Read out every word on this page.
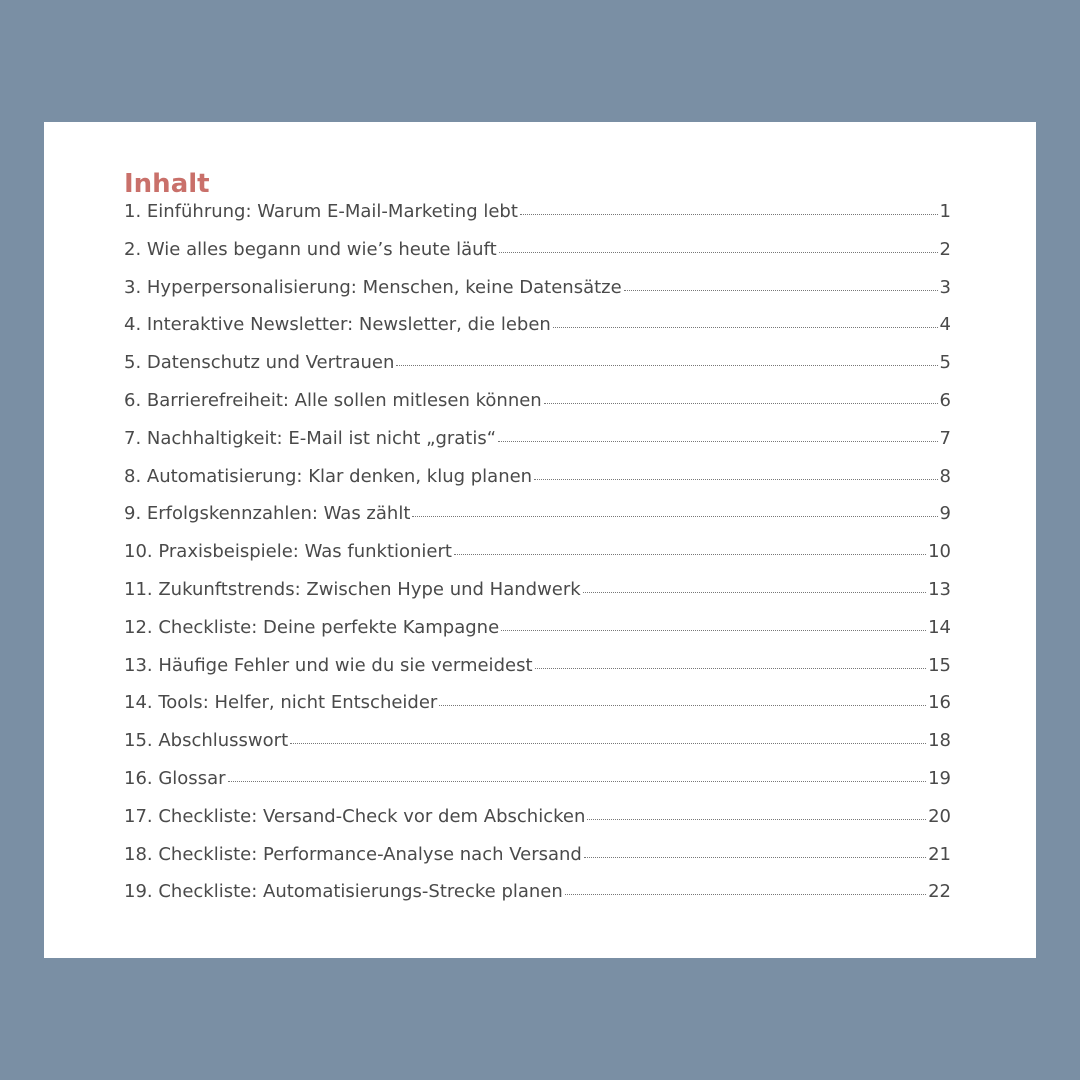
Inhalt
1. Einführung: Warum E-Mail-Marketing lebt	1
2. Wie alles begann und wie’s heute läuft	2
3. Hyperpersonalisierung: Menschen, keine Datensätze	3
4. Interaktive Newsletter: Newsletter, die leben	4
5. Datenschutz und Vertrauen	5
6. Barrierefreiheit: Alle sollen mitlesen können	6
7. Nachhaltigkeit: E-Mail ist nicht „gratis“	7
8. Automatisierung: Klar denken, klug planen	8
9. Erfolgskennzahlen: Was zählt	9
10. Praxisbeispiele: Was funktioniert	10
11. Zukunftstrends: Zwischen Hype und Handwerk	13
12. Checkliste: Deine perfekte Kampagne	14
13. Häufige Fehler und wie du sie vermeidest	15
14. Tools: Helfer, nicht Entscheider	16
15. Abschlusswort	18
16. Glossar	19
17. Checkliste: Versand-Check vor dem Abschicken	20
18. Checkliste: Performance-Analyse nach Versand	21
19. Checkliste: Automatisierungs-Strecke planen	22
